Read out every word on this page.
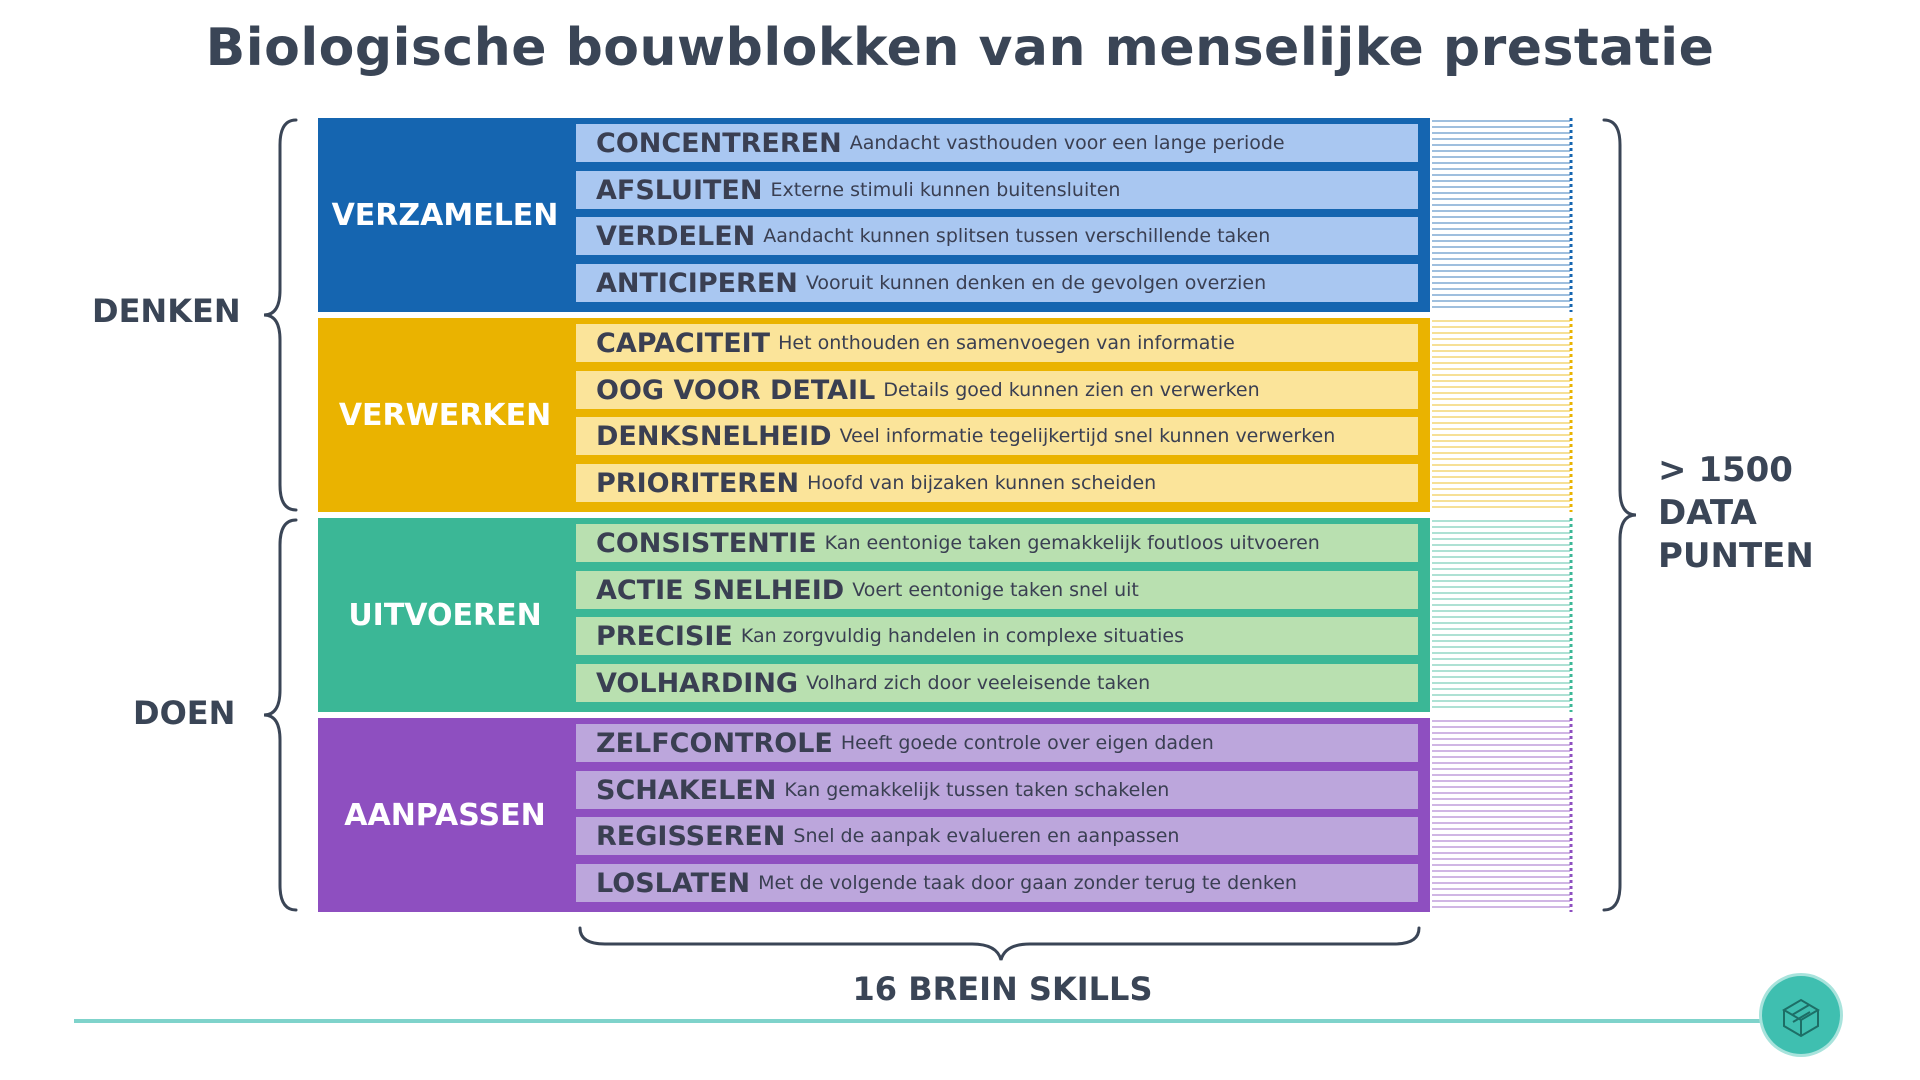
Biologische bouwblokken van menselijke prestatie
VERZAMELEN
CONCENTREREN Aandacht vasthouden voor een lange periode
AFSLUITEN Externe stimuli kunnen buitensluiten
VERDELEN Aandacht kunnen splitsen tussen verschillende taken
ANTICIPEREN Vooruit kunnen denken en de gevolgen overzien
VERWERKEN
CAPACITEIT Het onthouden en samenvoegen van informatie
OOG VOOR DETAIL Details goed kunnen zien en verwerken
DENKSNELHEID Veel informatie tegelijkertijd snel kunnen verwerken
PRIORITEREN Hoofd van bijzaken kunnen scheiden
UITVOEREN
CONSISTENTIE Kan eentonige taken gemakkelijk foutloos uitvoeren
ACTIE SNELHEID Voert eentonige taken snel uit
PRECISIE Kan zorgvuldig handelen in complexe situaties
VOLHARDING Volhard zich door veeleisende taken
AANPASSEN
ZELFCONTROLE Heeft goede controle over eigen daden
SCHAKELEN Kan gemakkelijk tussen taken schakelen
REGISSEREN Snel de aanpak evalueren en aanpassen
LOSLATEN Met de volgende taak door gaan zonder terug te denken
DENKEN
DOEN
> 1500 DATA PUNTEN
16 BREIN SKILLS
